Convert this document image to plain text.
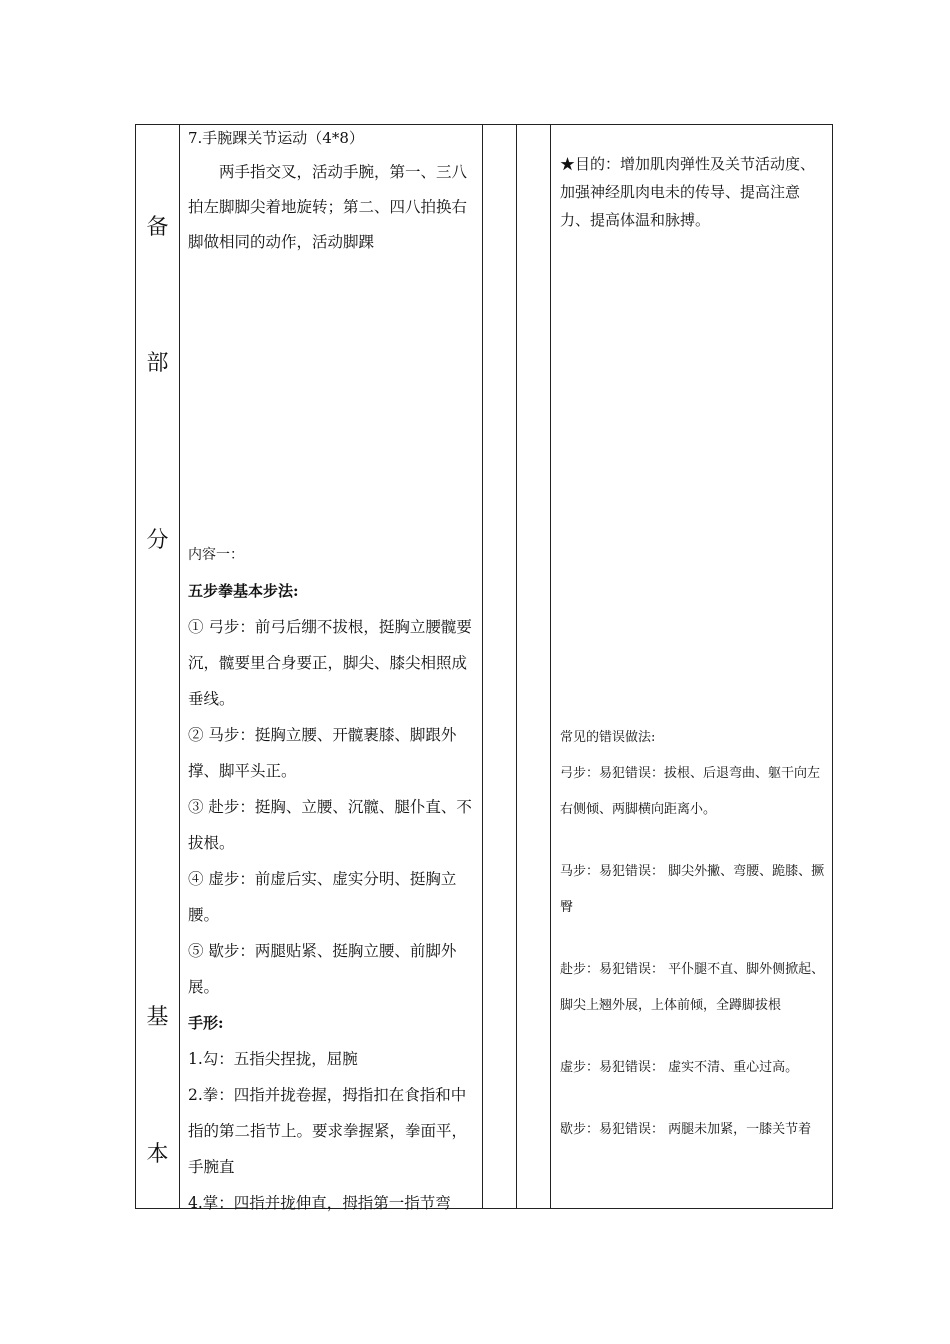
备
部
分
基
本
7.手腕踝关节运动（4*8）

两手指交叉，活动手腕，第一、三八拍左脚脚尖着地旋转；第二、四八拍换右脚做相同的动作，活动脚踝

内容一：

五步拳基本步法:

① 弓步：前弓后绷不拔根，挺胸立腰髋要沉，髋要里合身要正，脚尖、膝尖相照成垂线。

② 马步：挺胸立腰、开髋裹膝、脚跟外撑、脚平头正。

③ 赴步：挺胸、立腰、沉髋、腿仆直、不拔根。

④ 虚步：前虚后实、虚实分明、挺胸立腰。

⑤ 歇步：两腿贴紧、挺胸立腰、前脚外展。

手形:

1.勾：五指尖捏拢，屈腕

2.拳：四指并拢卷握，拇指扣在食指和中指的第二指节上。要求拳握紧，拳面平，手腕直

4.掌：四指并拢伸直，拇指第一指节弯

★目的：增加肌肉弹性及关节活动度、加强神经肌肉电未的传导、提高注意力、提高体温和脉搏。

常见的错误做法:

弓步：易犯错误：拔根、后退弯曲、躯干向左右侧倾、两脚横向距离小。

马步：易犯错误： 脚尖外撇、弯腰、跪膝、撅臀

赴步：易犯错误： 平仆腿不直、脚外侧掀起、脚尖上翘外展，上体前倾，全蹲脚拔根

虚步：易犯错误： 虚实不清、重心过高。

歇步：易犯错误： 两腿未加紧，一膝关节着
